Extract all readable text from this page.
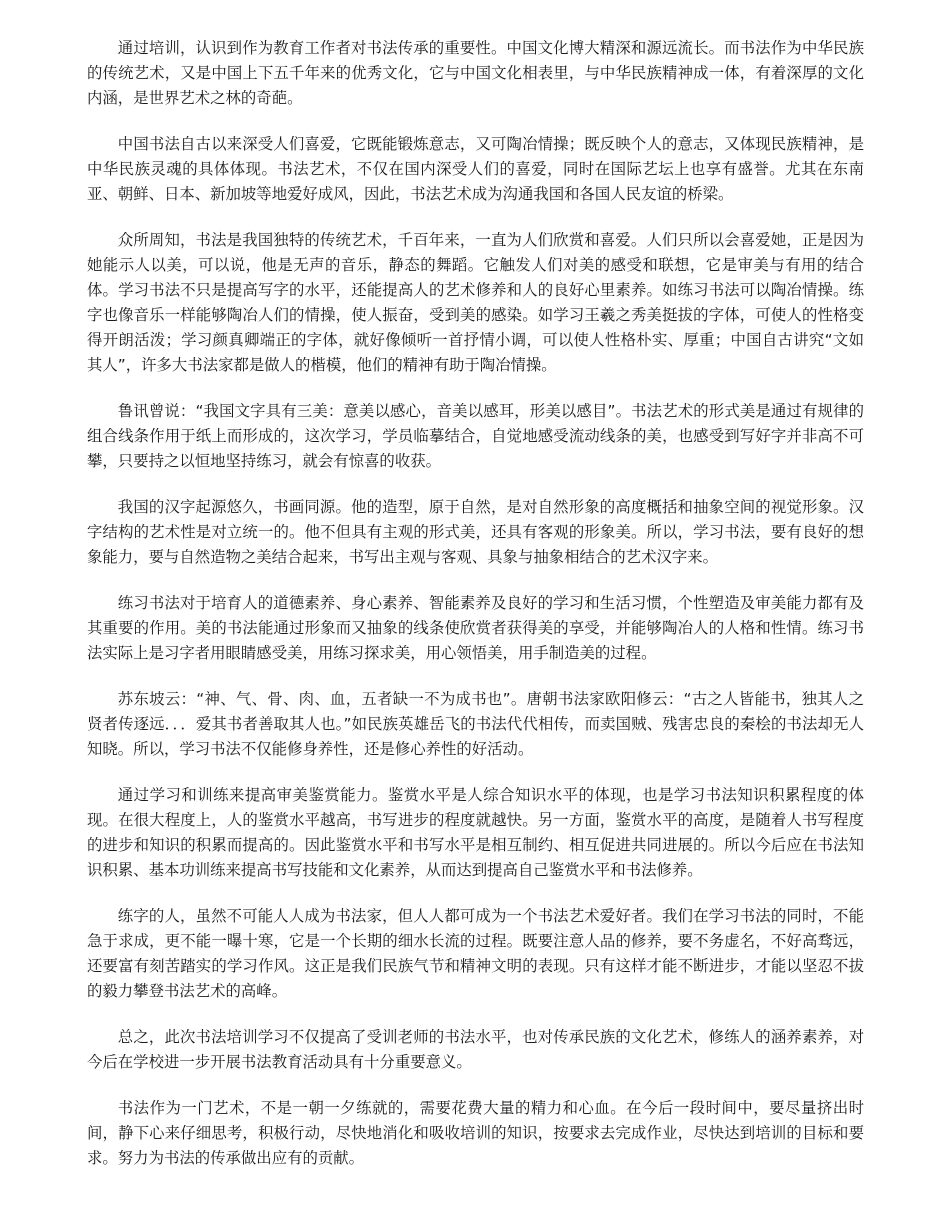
通过培训，认识到作为教育工作者对书法传承的重要性。中国文化博大精深和源远流长。而书法作为中华民族的传统艺术，又是中国上下五千年来的优秀文化，它与中国文化相表里，与中华民族精神成一体，有着深厚的文化内涵，是世界艺术之林的奇葩。

中国书法自古以来深受人们喜爱，它既能锻炼意志，又可陶冶情操；既反映个人的意志，又体现民族精神，是中华民族灵魂的具体体现。书法艺术，不仅在国内深受人们的喜爱，同时在国际艺坛上也享有盛誉。尤其在东南亚、朝鲜、日本、新加坡等地爱好成风，因此，书法艺术成为沟通我国和各国人民友谊的桥梁。

众所周知，书法是我国独特的传统艺术，千百年来，一直为人们欣赏和喜爱。人们只所以会喜爱她，正是因为她能示人以美，可以说，他是无声的音乐，静态的舞蹈。它触发人们对美的感受和联想，它是审美与有用的结合体。学习书法不只是提高写字的水平，还能提高人的艺术修养和人的良好心里素养。如练习书法可以陶冶情操。练字也像音乐一样能够陶冶人们的情操，使人振奋，受到美的感染。如学习王羲之秀美挺拔的字体，可使人的性格变得开朗活泼；学习颜真卿端正的字体，就好像倾听一首抒情小调，可以使人性格朴实、厚重；中国自古讲究“文如其人”，许多大书法家都是做人的楷模，他们的精神有助于陶冶情操。

鲁讯曾说：“我国文字具有三美：意美以感心，音美以感耳，形美以感目”。书法艺术的形式美是通过有规律的组合线条作用于纸上而形成的，这次学习，学员临摹结合，自觉地感受流动线条的美，也感受到写好字并非高不可攀，只要持之以恒地坚持练习，就会有惊喜的收获。

我国的汉字起源悠久，书画同源。他的造型，原于自然，是对自然形象的高度概括和抽象空间的视觉形象。汉字结构的艺术性是对立统一的。他不但具有主观的形式美，还具有客观的形象美。所以，学习书法，要有良好的想象能力，要与自然造物之美结合起来，书写出主观与客观、具象与抽象相结合的艺术汉字来。

练习书法对于培育人的道德素养、身心素养、智能素养及良好的学习和生活习惯，个性塑造及审美能力都有及其重要的作用。美的书法能通过形象而又抽象的线条使欣赏者获得美的享受，并能够陶冶人的人格和性情。练习书法实际上是习字者用眼睛感受美，用练习探求美，用心领悟美，用手制造美的过程。

苏东坡云：“神、气、骨、肉、血，五者缺一不为成书也”。唐朝书法家欧阳修云：“古之人皆能书，独其人之贤者传逐远．．．爱其书者善取其人也。”如民族英雄岳飞的书法代代相传，而卖国贼、残害忠良的秦桧的书法却无人知晓。所以，学习书法不仅能修身养性，还是修心养性的好活动。

通过学习和训练来提高审美鉴赏能力。鉴赏水平是人综合知识水平的体现，也是学习书法知识积累程度的体现。在很大程度上，人的鉴赏水平越高，书写进步的程度就越快。另一方面，鉴赏水平的高度，是随着人书写程度的进步和知识的积累而提高的。因此鉴赏水平和书写水平是相互制约、相互促进共同进展的。所以今后应在书法知识积累、基本功训练来提高书写技能和文化素养，从而达到提高自己鉴赏水平和书法修养。

练字的人，虽然不可能人人成为书法家，但人人都可成为一个书法艺术爱好者。我们在学习书法的同时，不能急于求成，更不能一曝十寒，它是一个长期的细水长流的过程。既要注意人品的修养，要不务虚名，不好高骛远，还要富有刻苦踏实的学习作风。这正是我们民族气节和精神文明的表现。只有这样才能不断进步，才能以坚忍不拔的毅力攀登书法艺术的高峰。

总之，此次书法培训学习不仅提高了受训老师的书法水平，也对传承民族的文化艺术，修练人的涵养素养，对今后在学校进一步开展书法教育活动具有十分重要意义。

书法作为一门艺术，不是一朝一夕练就的，需要花费大量的精力和心血。在今后一段时间中，要尽量挤出时间，静下心来仔细思考，积极行动，尽快地消化和吸收培训的知识，按要求去完成作业，尽快达到培训的目标和要求。努力为书法的传承做出应有的贡献。
